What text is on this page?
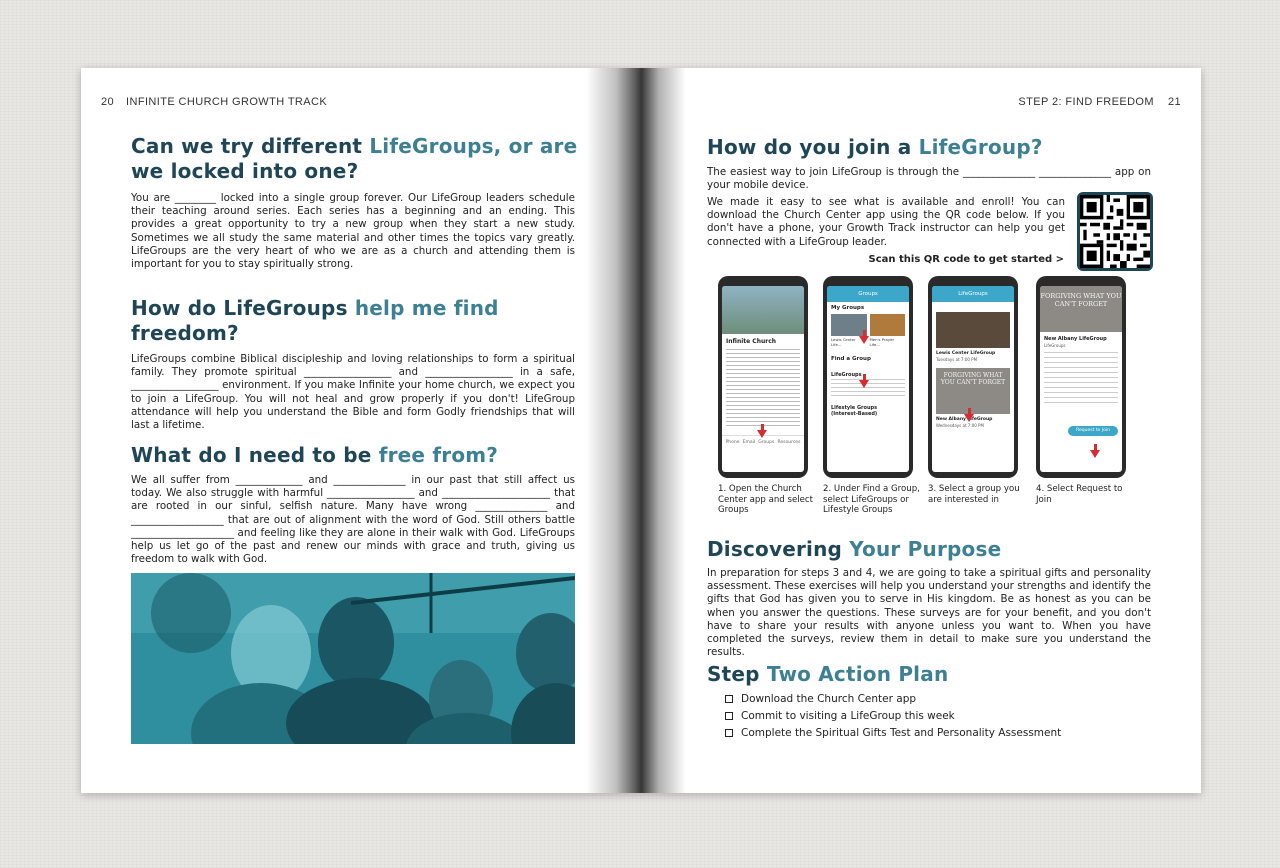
20 INFINITE CHURCH GROWTH TRACK
Can we try different LifeGroups, or are
we locked into one?
You are ________ locked into a single group forever. Our LifeGroup leaders schedule their teaching around series. Each series has a beginning and an ending. This provides a great opportunity to try a new group when they start a new study. Sometimes we all study the same material and other times the topics vary greatly. LifeGroups are the very heart of who we are as a church and attending them is important for you to stay spiritually strong.
How do LifeGroups help me find
freedom?
LifeGroups combine Biblical discipleship and loving relationships to form a spiritual family. They promote spiritual _________________ and _________________ in a safe, _________________ environment. If you make Infinite your home church, we expect you to join a LifeGroup. You will not heal and grow properly if you don't! LifeGroup attendance will help you understand the Bible and form Godly friendships that will last a lifetime.
What do I need to be free from?
We all suffer from _____________ and ______________ in our past that still affect us today. We also struggle with harmful _________________ and _____________________ that are rooted in our sinful, selfish nature. Many have wrong ______________ and __________________ that are out of alignment with the word of God. Still others battle ____________________ and feeling like they are alone in their walk with God. LifeGroups help us let go of the past and renew our minds with grace and truth, giving us freedom to walk with God.
STEP 2: FIND FREEDOM 21
How do you join a LifeGroup?
The easiest way to join LifeGroup is through the ______________ ______________ app on your mobile device.
We made it easy to see what is available and enroll! You can download the Church Center app using the QR code below. If you don't have a phone, your Growth Track instructor can help you get connected with a LifeGroup leader.
Scan this QR code to get started >
Infinite Church
Phone Email Groups Resources
Groups
My Groups
Lewis Center Life...
Men's Prayer Life...
Find a Group
LifeGroups
Lifestyle Groups (Interest-Based)
LifeGroups
Lewis Center LifeGroup
Tuesdays at 7:00 PM
FORGIVING WHAT YOU CAN'T FORGET
New Albany LifeGroup
Wednesdays at 7:00 PM
FORGIVING WHAT YOU CAN'T FORGET
New Albany LifeGroup
LifeGroups
Request to Join
1. Open the Church Center app and select Groups
2. Under Find a Group, select LifeGroups or Lifestyle Groups
3. Select a group you are interested in
4. Select Request to Join
Discovering Your Purpose
In preparation for steps 3 and 4, we are going to take a spiritual gifts and personality assessment. These exercises will help you understand your strengths and identify the gifts that God has given you to serve in His kingdom. Be as honest as you can be when you answer the questions. These surveys are for your benefit, and you don't have to share your results with anyone unless you want to. When you have completed the surveys, review them in detail to make sure you understand the results.
Step Two Action Plan
Download the Church Center app
Commit to visiting a LifeGroup this week
Complete the Spiritual Gifts Test and Personality Assessment
